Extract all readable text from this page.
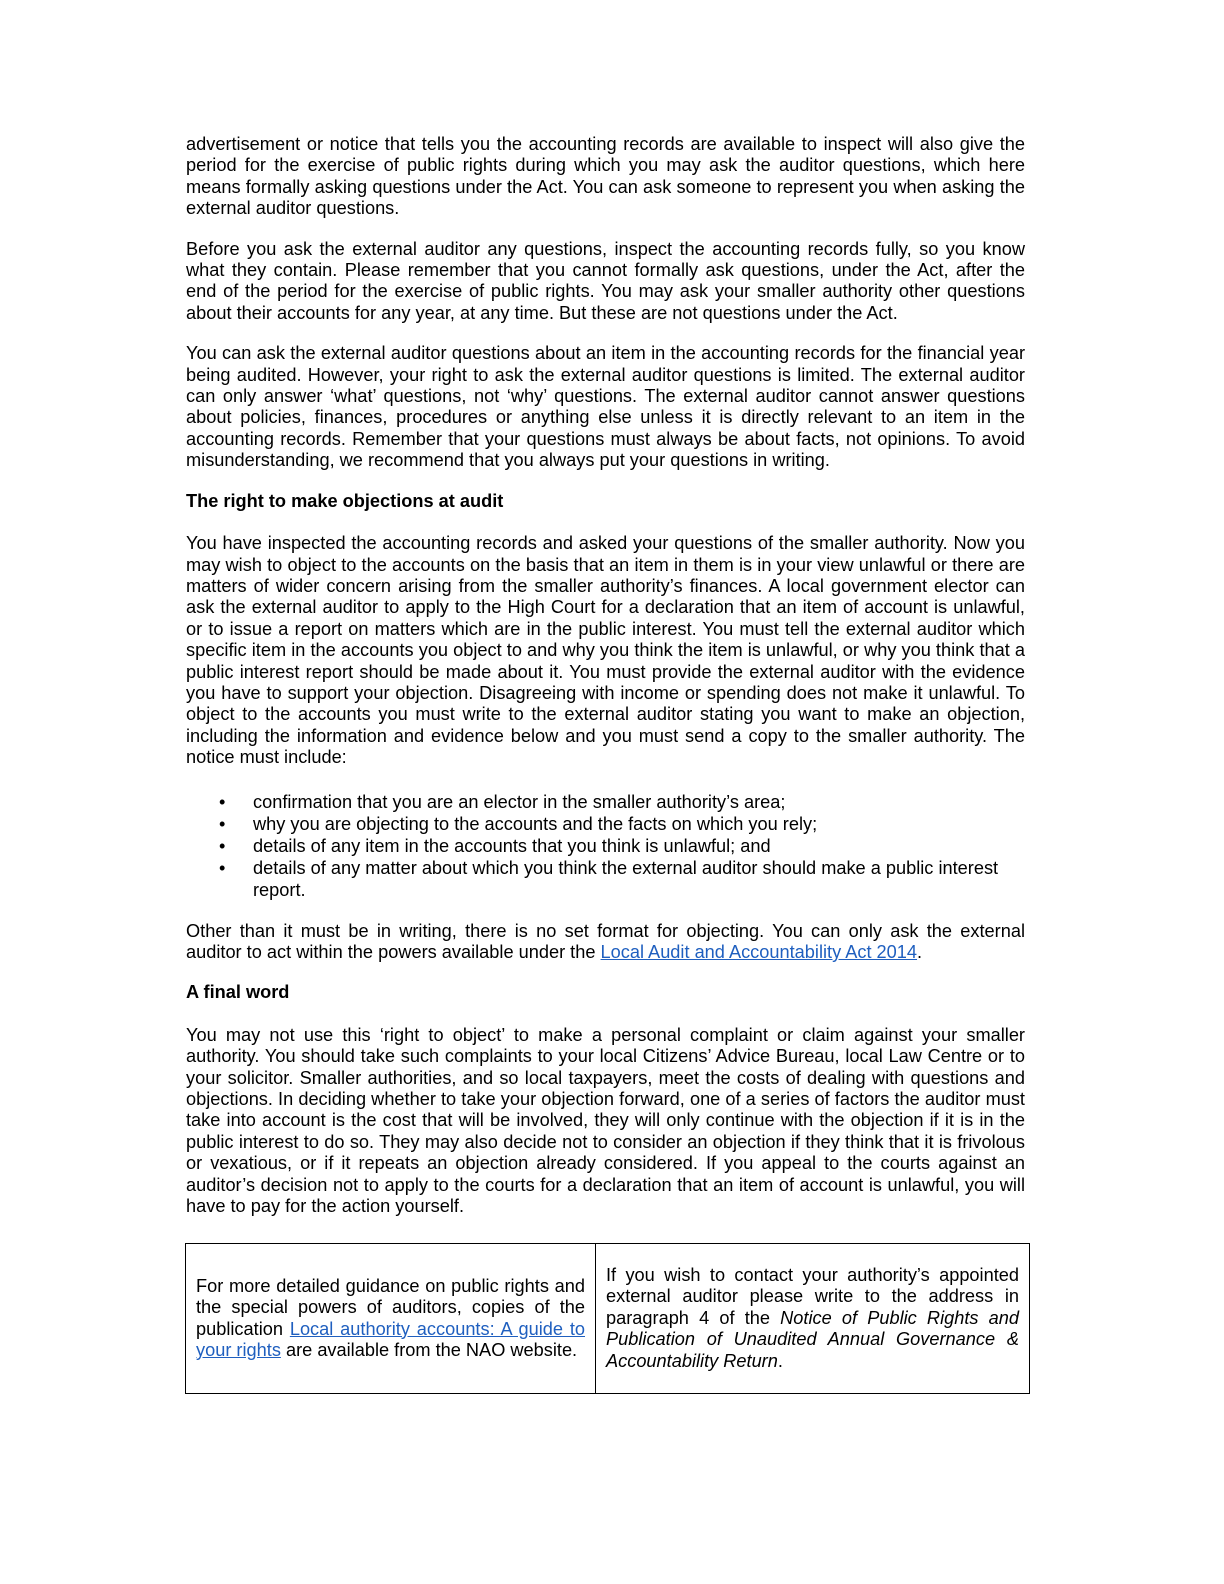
advertisement or notice that tells you the accounting records are available to inspect will also give the period for the exercise of public rights during which you may ask the auditor questions, which here means formally asking questions under the Act. You can ask someone to represent you when asking the external auditor questions.

Before you ask the external auditor any questions, inspect the accounting records fully, so you know what they contain. Please remember that you cannot formally ask questions, under the Act, after the end of the period for the exercise of public rights. You may ask your smaller authority other questions about their accounts for any year, at any time. But these are not questions under the Act.

You can ask the external auditor questions about an item in the accounting records for the financial year being audited. However, your right to ask the external auditor questions is limited. The external auditor can only answer ‘what’ questions, not ‘why’ questions. The external auditor cannot answer questions about policies, finances, procedures or anything else unless it is directly relevant to an item in the accounting records. Remember that your questions must always be about facts, not opinions. To avoid misunderstanding, we recommend that you always put your questions in writing.

The right to make objections at audit

You have inspected the accounting records and asked your questions of the smaller authority. Now you may wish to object to the accounts on the basis that an item in them is in your view unlawful or there are matters of wider concern arising from the smaller authority’s finances. A local government elector can ask the external auditor to apply to the High Court for a declaration that an item of account is unlawful, or to issue a report on matters which are in the public interest. You must tell the external auditor which specific item in the accounts you object to and why you think the item is unlawful, or why you think that a public interest report should be made about it. You must provide the external auditor with the evidence you have to support your objection. Disagreeing with income or spending does not make it unlawful. To object to the accounts you must write to the external auditor stating you want to make an objection, including the information and evidence below and you must send a copy to the smaller authority. The notice must include:

• confirmation that you are an elector in the smaller authority’s area;
• why you are objecting to the accounts and the facts on which you rely;
• details of any item in the accounts that you think is unlawful; and
• details of any matter about which you think the external auditor should make a public interest report.

Other than it must be in writing, there is no set format for objecting. You can only ask the external auditor to act within the powers available under the Local Audit and Accountability Act 2014.

A final word

You may not use this ‘right to object’ to make a personal complaint or claim against your smaller authority. You should take such complaints to your local Citizens’ Advice Bureau, local Law Centre or to your solicitor. Smaller authorities, and so local taxpayers, meet the costs of dealing with questions and objections. In deciding whether to take your objection forward, one of a series of factors the auditor must take into account is the cost that will be involved, they will only continue with the objection if it is in the public interest to do so. They may also decide not to consider an objection if they think that it is frivolous or vexatious, or if it repeats an objection already considered. If you appeal to the courts against an auditor’s decision not to apply to the courts for a declaration that an item of account is unlawful, you will have to pay for the action yourself.

For more detailed guidance on public rights and the special powers of auditors, copies of the publication Local authority accounts: A guide to your rights are available from the NAO website.	If you wish to contact your authority’s appointed external auditor please write to the address in paragraph 4 of the Notice of Public Rights and Publication of Unaudited Annual Governance & Accountability Return.
